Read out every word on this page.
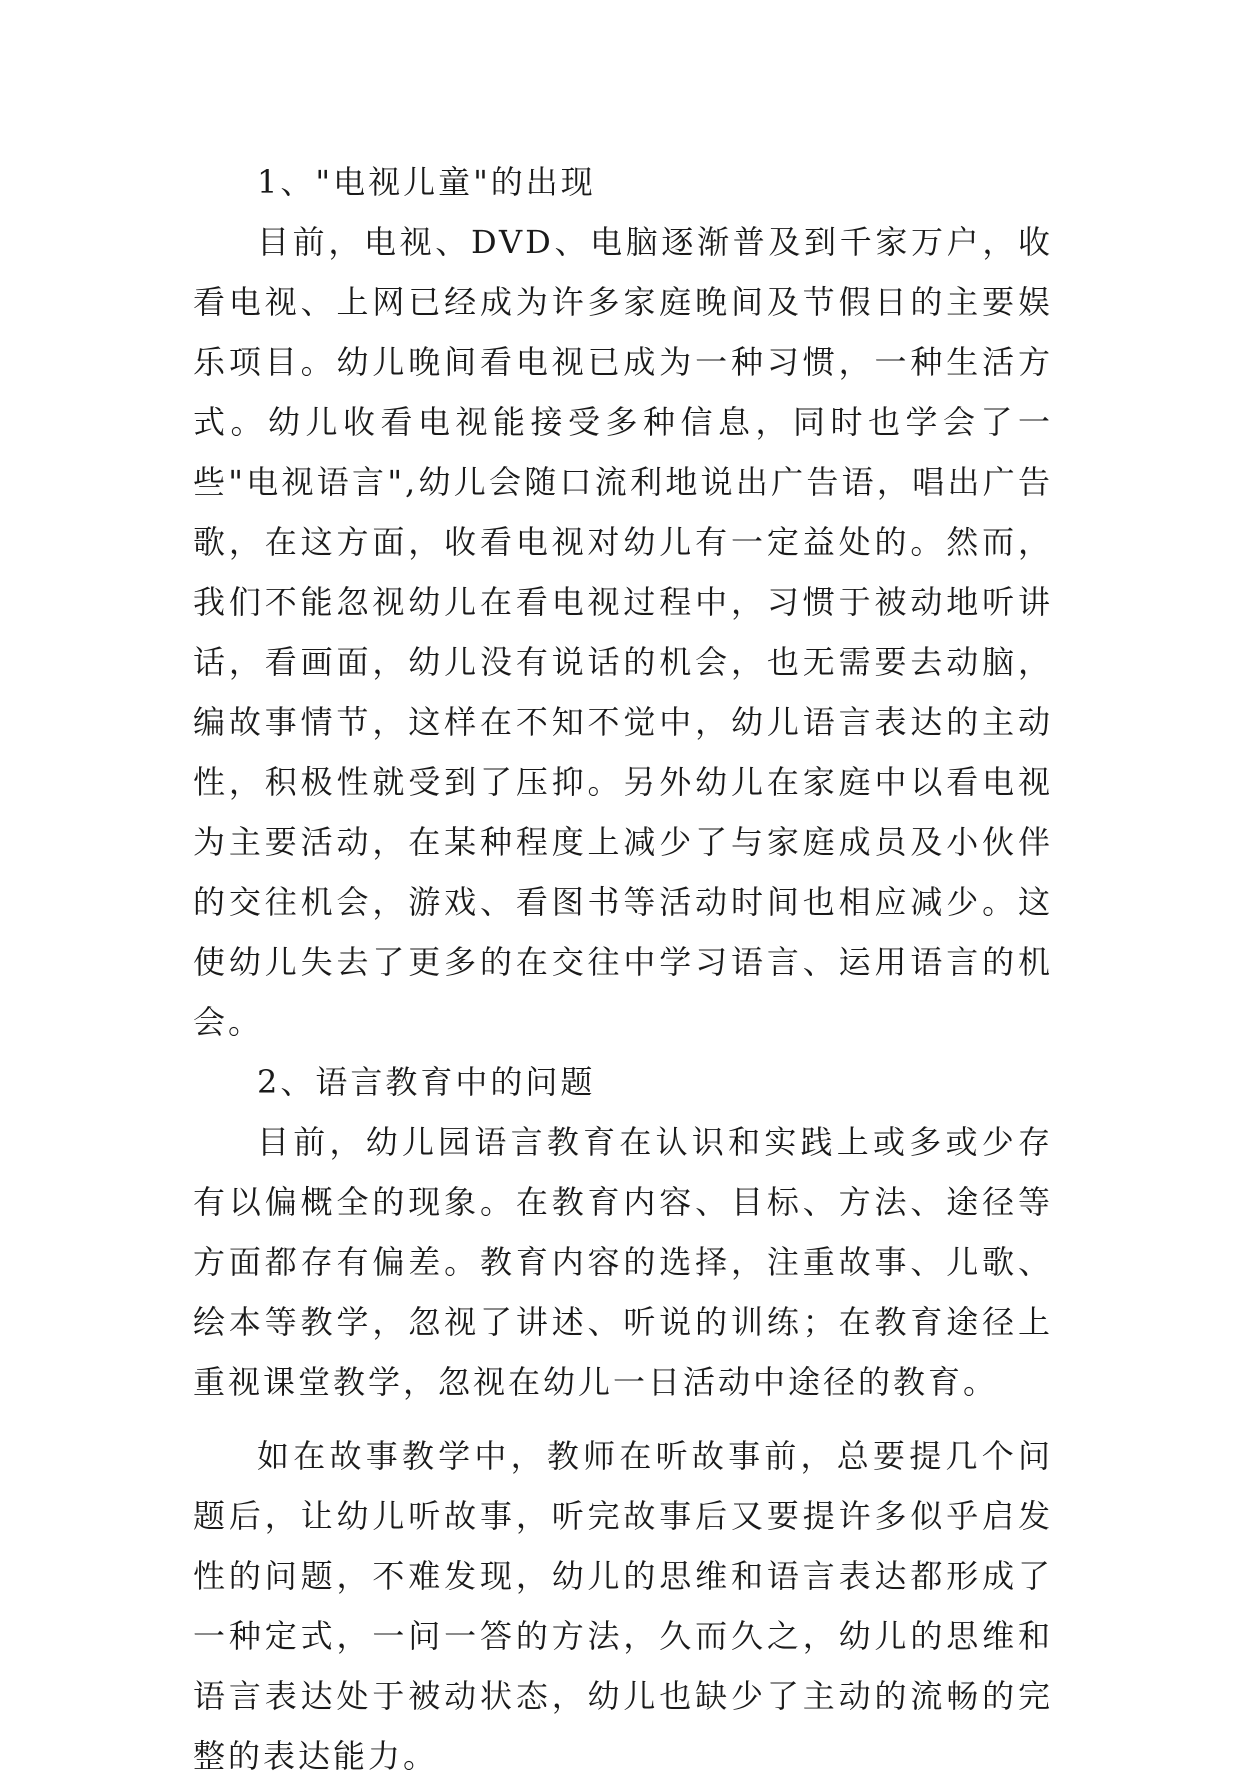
1、"电视儿童"的出现

目前，电视、DVD、电脑逐渐普及到千家万户，收看电视、上网已经成为许多家庭晚间及节假日的主要娱乐项目。幼儿晚间看电视已成为一种习惯，一种生活方式。幼儿收看电视能接受多种信息，同时也学会了一些"电视语言",幼儿会随口流利地说出广告语，唱出广告歌，在这方面，收看电视对幼儿有一定益处的。然而，我们不能忽视幼儿在看电视过程中，习惯于被动地听讲话，看画面，幼儿没有说话的机会，也无需要去动脑，编故事情节，这样在不知不觉中，幼儿语言表达的主动性，积极性就受到了压抑。另外幼儿在家庭中以看电视为主要活动，在某种程度上减少了与家庭成员及小伙伴的交往机会，游戏、看图书等活动时间也相应减少。这使幼儿失去了更多的在交往中学习语言、运用语言的机会。

2、语言教育中的问题

目前，幼儿园语言教育在认识和实践上或多或少存有以偏概全的现象。在教育内容、目标、方法、途径等方面都存有偏差。教育内容的选择，注重故事、儿歌、绘本等教学，忽视了讲述、听说的训练；在教育途径上重视课堂教学，忽视在幼儿一日活动中途径的教育。

如在故事教学中，教师在听故事前，总要提几个问题后，让幼儿听故事，听完故事后又要提许多似乎启发性的问题，不难发现，幼儿的思维和语言表达都形成了一种定式，一问一答的方法，久而久之，幼儿的思维和语言表达处于被动状态，幼儿也缺少了主动的流畅的完整的表达能力。
